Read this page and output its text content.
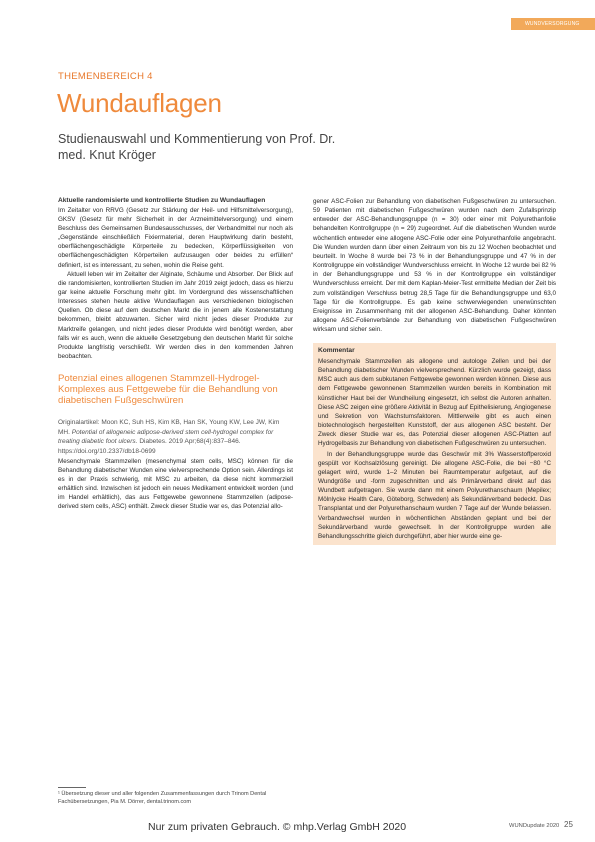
WUNDVERSORGUNG
THEMENBEREICH 4
Wundauflagen
Studienauswahl und Kommentierung von Prof. Dr. med. Knut Kröger
Aktuelle randomisierte und kontrollierte Studien zu Wundauflagen

Im Zeitalter von RRVG (Gesetz zur Stärkung der Heil- und Hilfsmittelversorgung), GKSV (Gesetz für mehr Sicherheit in der Arzneimittelversorgung) und einem Beschluss des Gemeinsamen Bundesausschusses, der Verbandmittel nur noch als „Gegenstände einschließlich Fixiermaterial, deren Hauptwirkung darin besteht, oberflächengeschädigte Körperteile zu bedecken, Körperflüssigkeiten von oberflächengeschädigten Körperteilen aufzusaugen oder beides zu erfüllen“ definiert, ist es interessant, zu sehen, wohin die Reise geht.

Aktuell leben wir im Zeitalter der Alginate, Schäume und Absorber. Der Blick auf die randomisierten, kontrollierten Studien im Jahr 2019 zeigt jedoch, dass es hierzu gar keine aktuelle Forschung mehr gibt. Im Vordergrund des wissenschaftlichen Interesses stehen heute aktive Wundauflagen aus verschiedenen biologischen Quellen. Ob diese auf dem deutschen Markt die in jenem alle Kostenerstattung bekommen, bleibt abzuwarten. Sicher wird nicht jedes dieser Produkte zur Marktreife gelangen, und nicht jedes dieser Produkte wird benötigt werden, aber falls wir es auch, wenn die aktuelle Gesetzgebung den deutschen Markt für solche Produkte langfristig verschließt. Wir werden dies in den kommenden Jahren beobachten.

Potenzial eines allogenen Stammzell-Hydrogel-Komplexes aus Fettgewebe für die Behandlung von diabetischen Fußgeschwüren
Originalartikel: Moon KC, Suh HS, Kim KB, Han SK, Young KW, Lee JW, Kim MH. Potential of allogeneic adipose-derived stem cell-hydrogel complex for treating diabetic foot ulcers. Diabetes. 2019 Apr;68(4):837–846. https://doi.org/10.2337/db18-0699

Mesenchymale Stammzellen (mesenchymal stem cells, MSC) können für die Behandlung diabetischer Wunden eine vielversprechende Option sein. Allerdings ist es in der Praxis schwierig, mit MSC zu arbeiten, da diese nicht kommerziell erhältlich sind. Inzwischen ist jedoch ein neues Medikament entwickelt worden (und im Handel erhältlich), das aus Fettgewebe gewonnene Stammzellen (adipose-derived stem cells, ASC) enthält. Zweck dieser Studie war es, das Potenzial allo-

gener ASC-Folien zur Behandlung von diabetischen Fußgeschwüren zu untersuchen. 59 Patienten mit diabetischen Fußgeschwüren wurden nach dem Zufallsprinzip entweder der ASC-Behandlungsgruppe (n = 30) oder einer mit Polyurethanfolie behandelten Kontrollgruppe (n = 29) zugeordnet. Auf die diabetischen Wunden wurde wöchentlich entweder eine allogene ASC-Folie oder eine Polyurethanfolie angebracht. Die Wunden wurden dann über einen Zeitraum von bis zu 12 Wochen beobachtet und beurteilt. In Woche 8 wurde bei 73 % in der Behandlungsgruppe und 47 % in der Kontrollgruppe ein vollständiger Wundverschluss erreicht. In Woche 12 wurde bei 82 % in der Behandlungsgruppe und 53 % in der Kontrollgruppe ein vollständiger Wundverschluss erreicht. Der mit dem Kaplan-Meier-Test ermittelte Median der Zeit bis zum vollständigen Verschluss betrug 28,5 Tage für die Behandlungsgruppe und 63,0 Tage für die Kontrollgruppe. Es gab keine schwerwiegenden unerwünschten Ereignisse im Zusammenhang mit der allogenen ASC-Behandlung. Daher könnten allogene ASC-Folienverbände zur Behandlung von diabetischen Fußgeschwüren wirksam und sicher sein.

Kommentar

Mesenchymale Stammzellen als allogene und autologe Zellen und bei der Behandlung diabetischer Wunden vielversprechend. Kürzlich wurde gezeigt, dass MSC auch aus dem subkutanen Fettgewebe gewonnen werden können. Diese aus dem Fettgewebe gewonnenen Stammzellen wurden bereits in Kombination mit künstlicher Haut bei der Wundheilung eingesetzt, ich selbst die Autoren anhalten. Diese ASC zeigen eine größere Aktivität in Bezug auf Epithelisierung, Angiogenese und Sekretion von Wachstumsfaktoren. Mittlerweile gibt es auch einen biotechnologisch hergestellten Kunststoff, der aus allogenen ASC besteht. Der Zweck dieser Studie war es, das Potenzial dieser allogenen ASC-Platten auf Hydrogelbasis zur Behandlung von diabetischen Fußgeschwüren zu untersuchen.

In der Behandlungsgruppe wurde das Geschwür mit 3% Wasserstoffperoxid gespült vor Kochsalzlösung gereinigt. Die allogene ASC-Folie, die bei −80 °C gelagert wird, wurde 1–2 Minuten bei Raumtemperatur aufgetaut, auf die Wundgröße und -form zugeschnitten und als Primärverband direkt auf das Wundbett aufgetragen. Sie wurde dann mit einem Polyurethanschaum (Mepilex; Mölnlycke Health Care, Göteborg, Schweden) als Sekundärverband bedeckt. Das Transplantat und der Polyurethanschaum wurden 7 Tage auf der Wunde belassen. Verbandwechsel wurden in wöchentlichen Abständen geplant und bei der Sekundärverband wurde gewechselt. In der Kontrollgruppe wurden alle Behandlungsschritte gleich durchgeführt, aber hier wurde eine ge-

¹ Übersetzung dieser und aller folgenden Zusammenfassungen durch Trinom Dental Fachübersetzungen, Pia M. Dörrer, dental.trinom.com
Nur zum privaten Gebrauch. © mhp.Verlag GmbH 2020	WUNDupdate 2020 25
